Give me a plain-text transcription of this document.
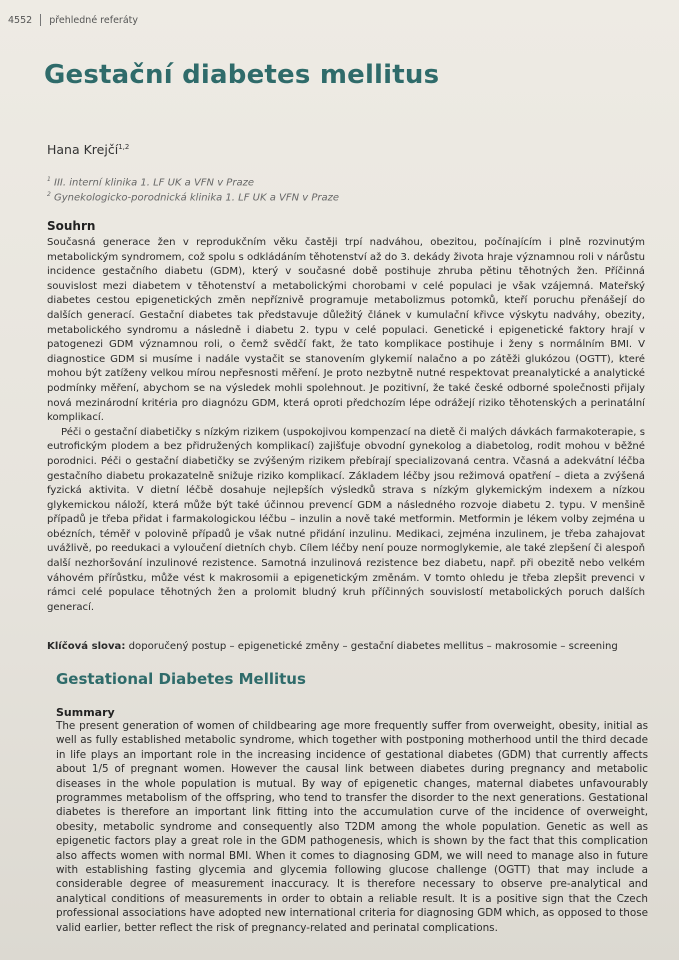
4552 přehledné referáty
Gestační diabetes mellitus
Hana Krejčí$^{1,2}$
$^1$ III. interní klinika 1. LF UK a VFN v Praze
$^2$ Gynekologicko-porodnická klinika 1. LF UK a VFN v Praze
Souhrn

Současná generace žen v reprodukčním věku častěji trpí nadváhou, obezitou, počínajícím i plně rozvinutým metabolickým syndromem, což spolu s odkládáním těhotenství až do 3. dekády života hraje významnou roli v nárůstu incidence gestačního diabetu (GDM), který v současné době postihuje zhruba pětinu těhotných žen. Příčinná souvislost mezi diabetem v těhotenství a metabolickými chorobami v celé populaci je však vzájemná. Mateřský diabetes cestou epigenetických změn nepříznivě programuje metabolizmus potomků, kteří poruchu přenášejí do dalších generací. Gestační diabetes tak představuje důležitý článek v kumulační křivce výskytu nadváhy, obezity, metabolického syndromu a následně i diabetu 2. typu v celé populaci. Genetické i epigenetické faktory hrají v patogenezi GDM významnou roli, o čemž svědčí fakt, že tato komplikace postihuje i ženy s normálním BMI. V diagnostice GDM si musíme i nadále vystačit se stanovením glykemií nalačno a po zátěži glukózou (OGTT), které mohou být zatíženy velkou mírou nepřesnosti měření. Je proto nezbytně nutné respektovat preanalytické a analytické podmínky měření, abychom se na výsledek mohli spolehnout. Je pozitivní, že také české odborné společnosti přijaly nová mezinárodní kritéria pro diagnózu GDM, která oproti předchozím lépe odrážejí riziko těhotenských a perinatální komplikací.

Péči o gestační diabetičky s nízkým rizikem (uspokojivou kompenzací na dietě či malých dávkách farmakoterapie, s eutrofickým plodem a bez přidružených komplikací) zajišťuje obvodní gynekolog a diabetolog, rodit mohou v běžné porodnici. Péči o gestační diabetičky se zvýšeným rizikem přebírají specializovaná centra. Včasná a adekvátní léčba gestačního diabetu prokazatelně snižuje riziko komplikací. Základem léčby jsou režimová opatření – dieta a zvýšená fyzická aktivita. V dietní léčbě dosahuje nejlepších výsledků strava s nízkým glykemickým indexem a nízkou glykemickou náloží, která může být také účinnou prevencí GDM a následného rozvoje diabetu 2. typu. V menšině případů je třeba přidat i farmakologickou léčbu – inzulin a nově také metformin. Metformin je lékem volby zejména u obézních, téměř v polovině případů je však nutné přidání inzulinu. Medikaci, zejména inzulinem, je třeba zahajovat uvážlivě, po reedukaci a vyloučení dietních chyb. Cílem léčby není pouze normoglykemie, ale také zlepšení či alespoň další nezhoršování inzulinové rezistence. Samotná inzulinová rezistence bez diabetu, např. při obezitě nebo velkém váhovém přírůstku, může vést k makrosomii a epigenetickým změnám. V tomto ohledu je třeba zlepšit prevenci v rámci celé populace těhotných žen a prolomit bludný kruh příčinných souvislostí metabolických poruch dalších generací.

Klíčová slova: doporučený postup – epigenetické změny – gestační diabetes mellitus – makrosomie – screening
Gestational Diabetes Mellitus
Summary
The present generation of women of childbearing age more frequently suffer from overweight, obesity, initial as well as fully established metabolic syndrome, which together with postponing motherhood until the third decade in life plays an important role in the increasing incidence of gestational diabetes (GDM) that currently affects about 1/5 of pregnant women. However the causal link between diabetes during pregnancy and metabolic diseases in the whole population is mutual. By way of epigenetic changes, maternal diabetes unfavourably programmes metabolism of the offspring, who tend to transfer the disorder to the next generations. Gestational diabetes is therefore an important link fitting into the accumulation curve of the incidence of overweight, obesity, metabolic syndrome and consequently also T2DM among the whole population. Genetic as well as epigenetic factors play a great role in the GDM pathogenesis, which is shown by the fact that this complication also affects women with normal BMI. When it comes to diagnosing GDM, we will need to manage also in future with establishing fasting glycemia and glycemia following glucose challenge (OGTT) that may include a considerable degree of measurement inaccuracy. It is therefore necessary to observe pre-analytical and analytical conditions of measurements in order to obtain a reliable result. It is a positive sign that the Czech professional associations have adopted new international criteria for diagnosing GDM which, as opposed to those valid earlier, better reflect the risk of pregnancy-related and perinatal complications.
